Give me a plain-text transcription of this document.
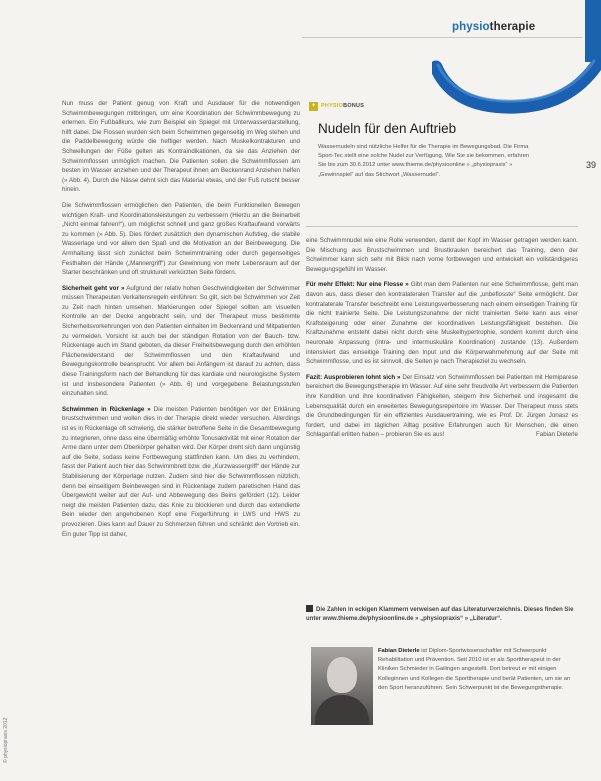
physiotherapie
39
© physiopraxis 2012

Nun muss der Patient genug von Kraft und Ausdauer für die notwendigen Schwimmbewegungen mitbringen, um eine Koordination der Schwimmbewegung zu erlernen. Ein Fußballkurs, wie zum Beispiel ein Spiegel mit Unterwasserdarstellung, hilft dabei. Die Flossen wurden sich beim Schwimmen gegenseitig im Weg stehen und die Paddelbewegung würde die heftiger werden. Nach Muskelkontrakturen und Schwellungen der Füße gelten als Kontraindikationen, da sie das Anziehen der Schwimmflossen unmöglich machen. Die Patienten sollen die Schwimmflossen am besten im Wasser anziehen und der Therapeut ihnen am Beckenrand Anziehen helfen (» Abb. 4). Durch die Nässe dehnt sich das Material etwas, und der Fuß rutscht besser hinein.

Die Schwimmflossen ermöglichen den Patienten, die beim Funktionellen Bewegen wichtigen Kraft- und Koordinationsleistungen zu verbessern (Hierzu an die Beinarbeit „Nicht einmal fahren!“), um möglichst schnell und ganz großes Kraftaufwand vorwärts zu kommen (» Abb. 5). Dies fördert zusätzlich den dynamischen Aufstieg, die stabile Wasserlage und vor allem den Spaß und die Motivation an der Beinbewegung. Die Armhaltung lässt sich zunächst beim Schwimmtraining oder durch gegenseitiges Festhalten der Hände („Mannergriff“) zur Gewinnung von mehr Lebensraum auf der Starter beschränken und oft strukturell verkürzten Seite fördern.

Sicherheit geht vor » Aufgrund der relativ hohen Geschwindigkeiten der Schwimmer müssen Therapeuten Verkaltensregeln einführen: So gilt, sich bei Schwimmen vor Zeit zu Zeit nach hinten umsehen. Markierungen oder Spiegel sollten am visuellen Kontrolle an der Decke angebracht sein, und der Therapeut muss bestimmte Sicherheitsvorkehrungen von den Patienten einhalten im Beckenrand und Mitpatienten zu vermeiden. Vorsicht ist auch bei der ständigen Rotation von der Bauch- bzw. Rückenlage auch im Stand geboten, da dieser Freiheitsbewegung durch den erhöhten Flächenwiderstand der Schwimmflossen und den Kraftaufwand und Bewegungskontrolle beansprucht. Vor allem bei Anfängern ist darauf zu achten, dass diese Trainingsform nach der Behandlung für das kardiale und neurologische System ist und insbesondere Patienten (» Abb. 6) und vorgegebene Belastungsstufen einzuhalten sind.

Schwimmen in Rückenlage » Die meisten Patienten benötigen vor der Erklärung brustschwimmen und wollen dies in der Therapie direkt wieder versuchen. Allerdings ist es in Rückenlage oft schwierig, die stärker betroffene Seite in die Gesamtbewegung zu integrieren, ohne dass eine übermäßig erhöhte Tonusaktivität mit einer Rotation der Arme dann unter dem Oberkörper gehalten wird. Der Körper dreht sich dann ungünstig auf die Seite, sodass keine Fortbewegung stattfinden kann. Um dies zu verhindern, fasst der Patient auch hier das Schwimmbrett bzw. die „Kurzwassergriff“ der Hände zur Stabilisierung der Körperlage nutzen. Zudem sind hier die Schwimmflossen nützlich, denn bei einseitigem Beinbewegen sind in Rückenlage zudem paretischen Hand das Übergewicht weiter auf der Auf- und Abbewegung des Beins gefördert (12). Leider neigt die meisten Patienten dazu, das Knie zu blockieren und durch das extendierte Bein wieder den angehobenen Kopf eine Fixgerführung in LWS und HWS zu provozieren. Dies kann auf Dauer zu Schmerzen führen und schränkt den Vortrieb ein. Ein guter Tipp ist daher,

+	PHYSIOBONUS
Nudeln für den Auftrieb
Wassernudeln sind nützliche Helfer für die Therapie im Bewegungsbad. Die Firma Sport-Tec stellt eine solche Nudel zur Verfügung. Wie Sie sie bekommen, erfahren Sie bis zum 30.6.2012 unter www.thieme.de/physioonline » „physiopraxis“ » „Gewinnspiel“ auf das Stichwort „Wassernudel“.

eine Schwimmnudel wie eine Rolle verwenden, damit der Kopf im Wasser getragen werden kann. Die Mischung aus Brustschwimmen und Brustkraulen bereichert das Training, denn der Schwimmer kann sich sehr mit Blick nach vorne fortbewegen und entwickelt ein vollständigeres Bewegungsgefühl im Wasser.

Für mehr Effekt: Nur eine Flosse » Gibt man dem Patienten nur eine Schwimmflosse, geht man davon aus, dass dieser den kontralateralen Transfer auf die „unbeflosste“ Seite ermöglicht. Der kontralaterale Transfer beschreibt eine Leistungsverbesserung nach einem einseitigen Training für die nicht trainierte Seite. Die Leistungszunahme der nicht trainierten Seite kann aus einer Kraftsteigerung oder einer Zunahme der koordinativen Leistungsfähigkeit bestehen. Die Kraftzunahme entsteht dabei nicht durch eine Muskelhypertrophie, sondern kommt durch eine neuronale Anpassung (intra- und intermuskuläre Koordination) zustande (13). Außerdem intensiviert das einseitige Training den Input und die Körperwahrnehmung auf der Seite mit Schwimmflosse, und es ist sinnvoll, die Seiten je nach Therapieziel zu wechseln.

Fazit: Ausprobieren lohnt sich » Der Einsatz von Schwimmflossen bei Patienten mit Hemiparese bereichert die Bewegungstherapie im Wasser. Auf eine sehr freudvolle Art verbessern die Patienten ihre Kondition und ihre koordinativen Fähigkeiten, steigern ihre Sicherheit und insgesamt die Lebensqualität durch ein erweitertes Bewegungsrepertoire im Wasser. Der Therapeut muss stets die Grundbedingungen für ein effizientes Ausdauertraining, wie es Prof. Dr. Jürgen Jonasz es fordert, und dabei im täglichen Alltag positive Erfahrungen auch für Menschen, die einen Schlaganfall erlitten haben – probieren Sie es aus!	Fabian Dieterle

Die Zahlen in eckigen Klammern verweisen auf das Literaturverzeichnis. Dieses finden Sie unter www.thieme.de/physioonline.de » „physiopraxis“ » „Literatur“.
Fabian Dieterle ist Diplom-Sportwissenschaftler mit Schwerpunkt Rehabilitation und Prävention. Seit 2010 ist er als Sporttherapeut in der Kliniken Schmieder in Gailingen angestellt. Dort betreut er mit einigen Kolleginnen und Kollegen die Sporttherapie und berät Patienten, um sie an den Sport heranzuführen. Sein Schwerpunkt ist die Bewegungstherapie.
